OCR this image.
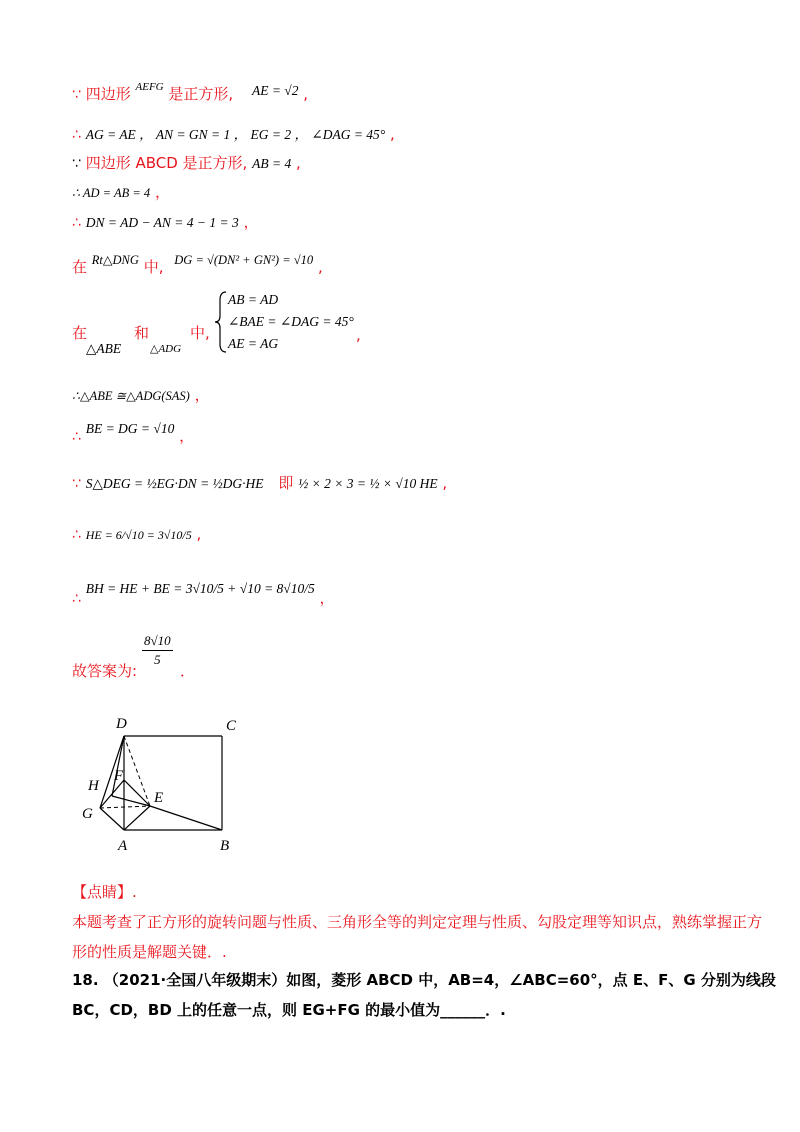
∵ 四边形 $^{AEFG}$ 是正方形, AE = √2 ,
∴ AG = AE ， AN = GN = 1 ， EG = 2 ， ∠DAG = 45° ,
∵ 四边形 ABCD 是正方形, AB = 4 ,
∴ AD = AB = 4 ，
∴ DN = AD − AN = 4 − 1 = 3 ，
在 Rt△DNG 中, DG = √(DN² + GN²) = √10 ,
在	和	中,
△ABE	△ADG
AB = AD
∠BAE = ∠DAG = 45°
AE = AG	,
∴△ABE ≅△ADG(SAS) ，
∴ BE = DG = √10 ，
∵ S△DEG = ½EG·DN = ½DG·HE 即 ½ × 2 × 3 = ½ × √10 HE ,
∴ HE = 6/√10 = 3√10/5 ,
∴ BH = HE + BE = 3√10/5 + √10 = 8√10/5 ，
故答案为:
$\frac{8√10}{5}$
．
D	C
H
F
G
E
A	B
【点睛】.
本题考查了正方形的旋转问题与性质、三角形全等的判定定理与性质、勾股定理等知识点，熟练掌握正方
形的性质是解题关键．.
18. （2021·全国八年级期末）如图，菱形 ABCD 中，AB=4，∠ABC=60°，点 E、F、G 分别为线段
BC，CD，BD 上的任意一点，则 EG+FG 的最小值为______．.
